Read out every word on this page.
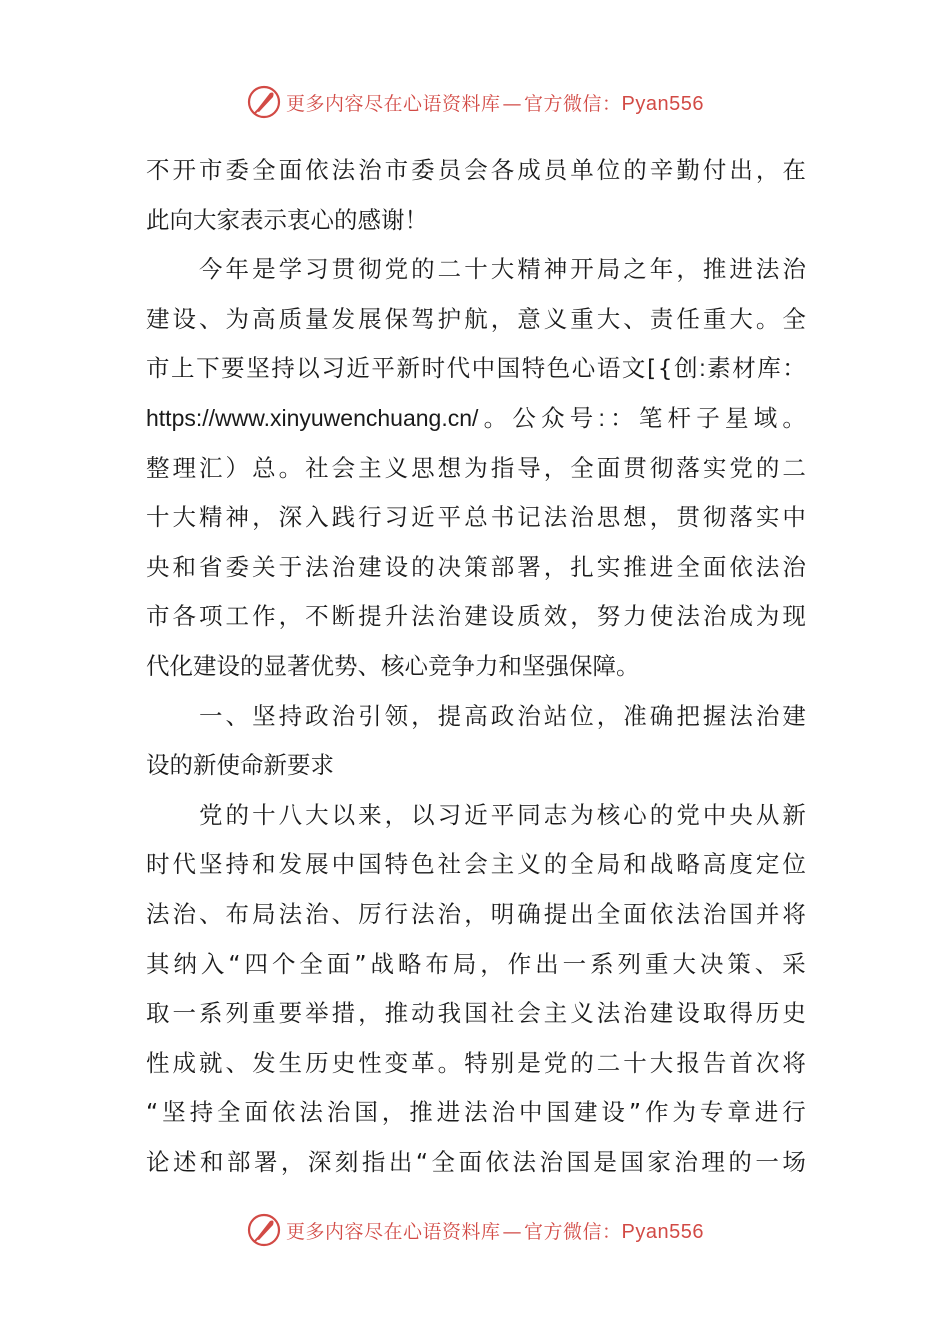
更多内容尽在心语资料库 — 官方微信：Pyan556
不 开 市 委 全 面 依 法 治 市 委 员 会 各 成 员 单 位 的 辛 勤 付 出 ， 在
此 向 大 家 表 示 衷 心 的 感 谢 ！

今 年 是 学 习 贯 彻 党 的 二 十 大 精 神 开 局 之 年 ， 推 进 法 治
建 设 、 为 高 质 量 发 展 保 驾 护 航 ， 意 义 重 大 、 责 任 重 大 。 全
市 上 下 要 坚 持 以 习 近 平 新 时 代 中 国 特 色 心 语 文 [ { 创 : 素 材 库 ：
https://www.xinyuwenchuang.cn/ 。 公 众 号 : ： 笔 杆 子 星 域 。
整 理 汇 ） 总 。 社 会 主 义 思 想 为 指 导 ， 全 面 贯 彻 落 实 党 的 二
十 大 精 神 ， 深 入 践 行 习 近 平 总 书 记 法 治 思 想 ， 贯 彻 落 实 中
央 和 省 委 关 于 法 治 建 设 的 决 策 部 署 ， 扎 实 推 进 全 面 依 法 治
市 各 项 工 作 ， 不 断 提 升 法 治 建 设 质 效 ， 努 力 使 法 治 成 为 现
代 化 建 设 的 显 著 优 势 、 核 心 竞 争 力 和 坚 强 保 障 。

一 、 坚 持 政 治 引 领 ， 提 高 政 治 站 位 ， 准 确 把 握 法 治 建
设 的 新 使 命 新 要 求

党 的 十 八 大 以 来 ， 以 习 近 平 同 志 为 核 心 的 党 中 央 从 新
时 代 坚 持 和 发 展 中 国 特 色 社 会 主 义 的 全 局 和 战 略 高 度 定 位
法 治 、 布 局 法 治 、 厉 行 法 治 ， 明 确 提 出 全 面 依 法 治 国 并 将
其 纳 入 “ 四 个 全 面 ” 战 略 布 局 ， 作 出 一 系 列 重 大 决 策 、 采
取 一 系 列 重 要 举 措 ， 推 动 我 国 社 会 主 义 法 治 建 设 取 得 历 史
性 成 就 、 发 生 历 史 性 变 革 。 特 别 是 党 的 二 十 大 报 告 首 次 将
“ 坚 持 全 面 依 法 治 国 ， 推 进 法 治 中 国 建 设 ” 作 为 专 章 进 行
论 述 和 部 署 ， 深 刻 指 出 “ 全 面 依 法 治 国 是 国 家 治 理 的 一 场
更多内容尽在心语资料库 — 官方微信：Pyan556
